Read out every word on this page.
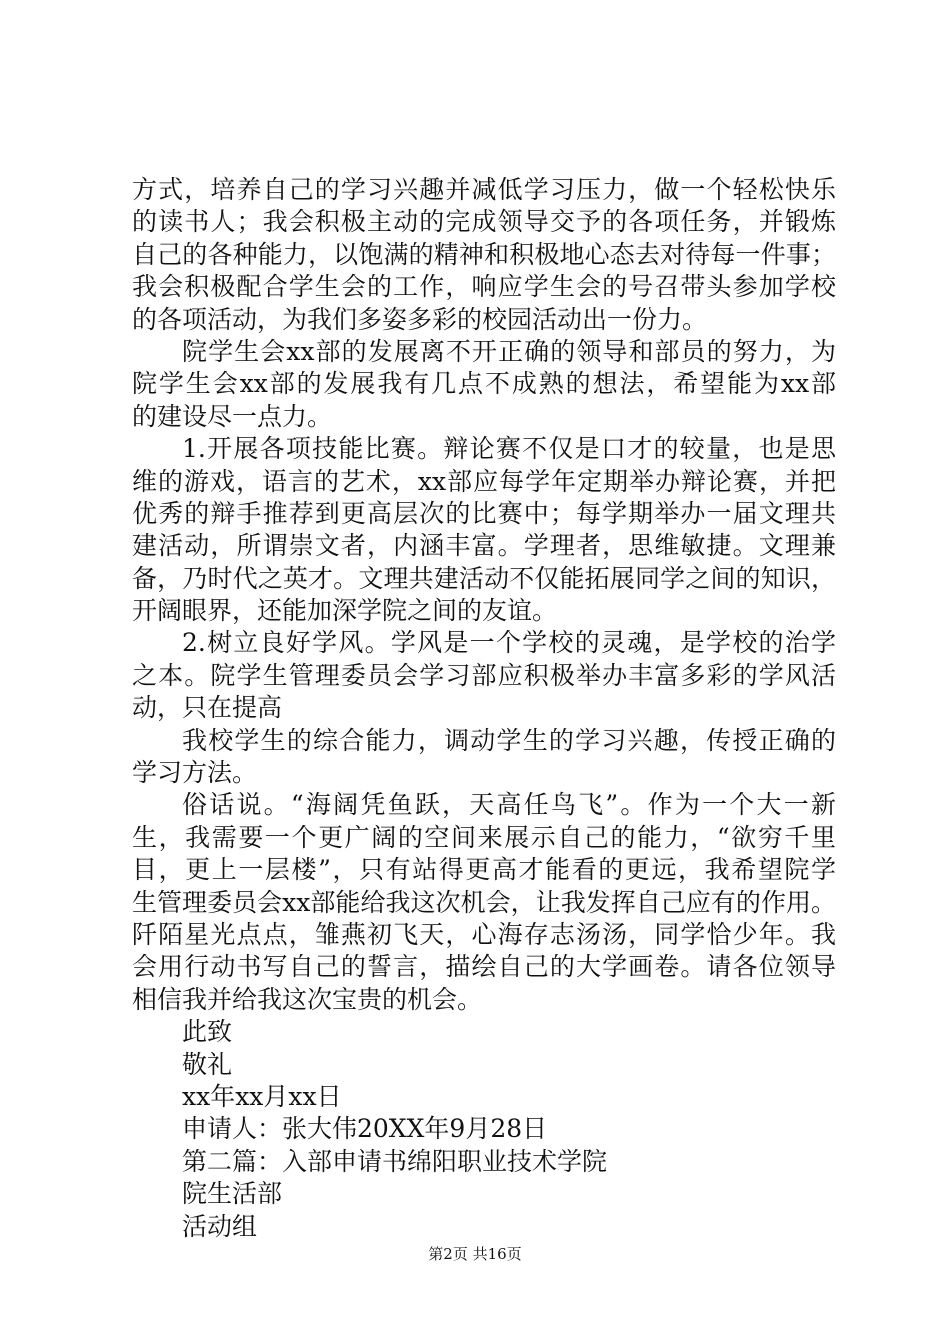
方式，培养自己的学习兴趣并减低学习压力，做一个轻松快乐
的读书人；我会积极主动的完成领导交予的各项任务，并锻炼
自己的各种能力，以饱满的精神和积极地心态去对待每一件事；
我会积极配合学生会的工作，响应学生会的号召带头参加学校
的各项活动，为我们多姿多彩的校园活动出一份力。
院学生会xx部的发展离不开正确的领导和部员的努力，为
院学生会xx部的发展我有几点不成熟的想法，希望能为xx部
的建设尽一点力。
1.开展各项技能比赛。辩论赛不仅是口才的较量，也是思
维的游戏，语言的艺术，xx部应每学年定期举办辩论赛，并把
优秀的辩手推荐到更高层次的比赛中；每学期举办一届文理共
建活动，所谓崇文者，内涵丰富。学理者，思维敏捷。文理兼
备，乃时代之英才。文理共建活动不仅能拓展同学之间的知识，
开阔眼界，还能加深学院之间的友谊。
2.树立良好学风。学风是一个学校的灵魂，是学校的治学
之本。院学生管理委员会学习部应积极举办丰富多彩的学风活
动，只在提高
我校学生的综合能力，调动学生的学习兴趣，传授正确的
学习方法。
俗话说。“海阔凭鱼跃，天高任鸟飞”。作为一个大一新
生，我需要一个更广阔的空间来展示自己的能力，“欲穷千里
目，更上一层楼”，只有站得更高才能看的更远，我希望院学
生管理委员会xx部能给我这次机会，让我发挥自己应有的作用。
阡陌星光点点，雏燕初飞天，心海存志汤汤，同学恰少年。我
会用行动书写自己的誓言，描绘自己的大学画卷。请各位领导
相信我并给我这次宝贵的机会。
此致
敬礼
xx年xx月xx日
申请人：张大伟20XX年9月28日
第二篇：入部申请书绵阳职业技术学院
院生活部
活动组
第2页 共16页
